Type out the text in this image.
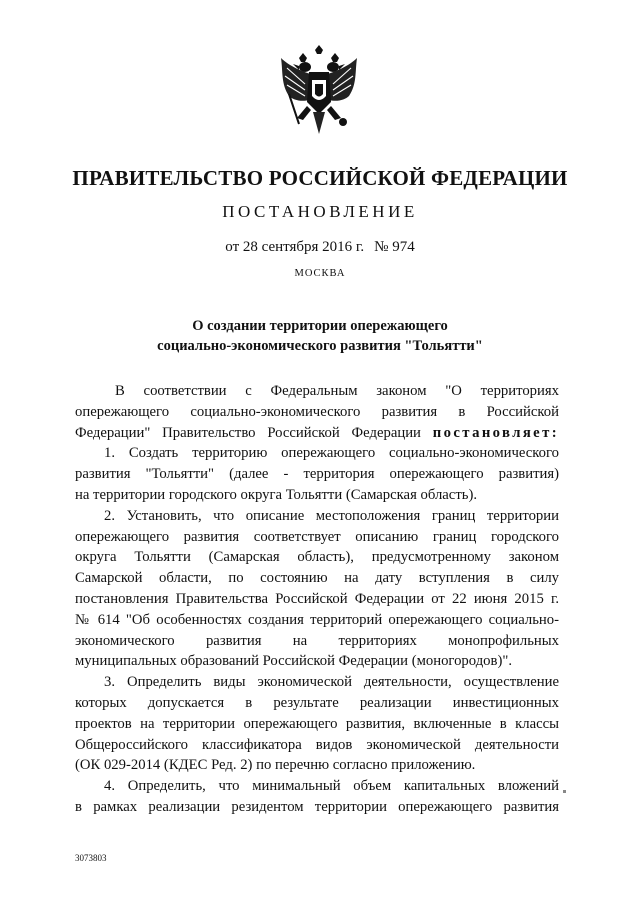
ПРАВИТЕЛЬСТВО РОССИЙСКОЙ ФЕДЕРАЦИИ
ПОСТАНОВЛЕНИЕ
от 28 сентября 2016 г. № 974
МОСКВА
О создании территории опережающего
социально-экономического развития "Тольятти"
В соответствии с Федеральным законом "О территориях
опережающего социально-экономического развития в Российской
Федерации" Правительство Российской Федерации постановляет:
1. Создать территорию опережающего социально-экономического
развития "Тольятти" (далее - территория опережающего развития)
на территории городского округа Тольятти (Самарская область).
2. Установить, что описание местоположения границ территории
опережающего развития соответствует описанию границ городского
округа Тольятти (Самарская область), предусмотренному законом
Самарской области, по состоянию на дату вступления в силу
постановления Правительства Российской Федерации от 22 июня 2015 г.
№ 614 "Об особенностях создания территорий опережающего социально-
экономического развития на территориях монопрофильных
муниципальных образований Российской Федерации (моногородов)".
3. Определить виды экономической деятельности, осуществление
которых допускается в результате реализации инвестиционных
проектов на территории опережающего развития, включенные в классы
Общероссийского классификатора видов экономической деятельности
(ОК 029-2014 (КДЕС Ред. 2) по перечню согласно приложению.
4. Определить, что минимальный объем капитальных вложений
в рамках реализации резидентом территории опережающего развития
3073803
